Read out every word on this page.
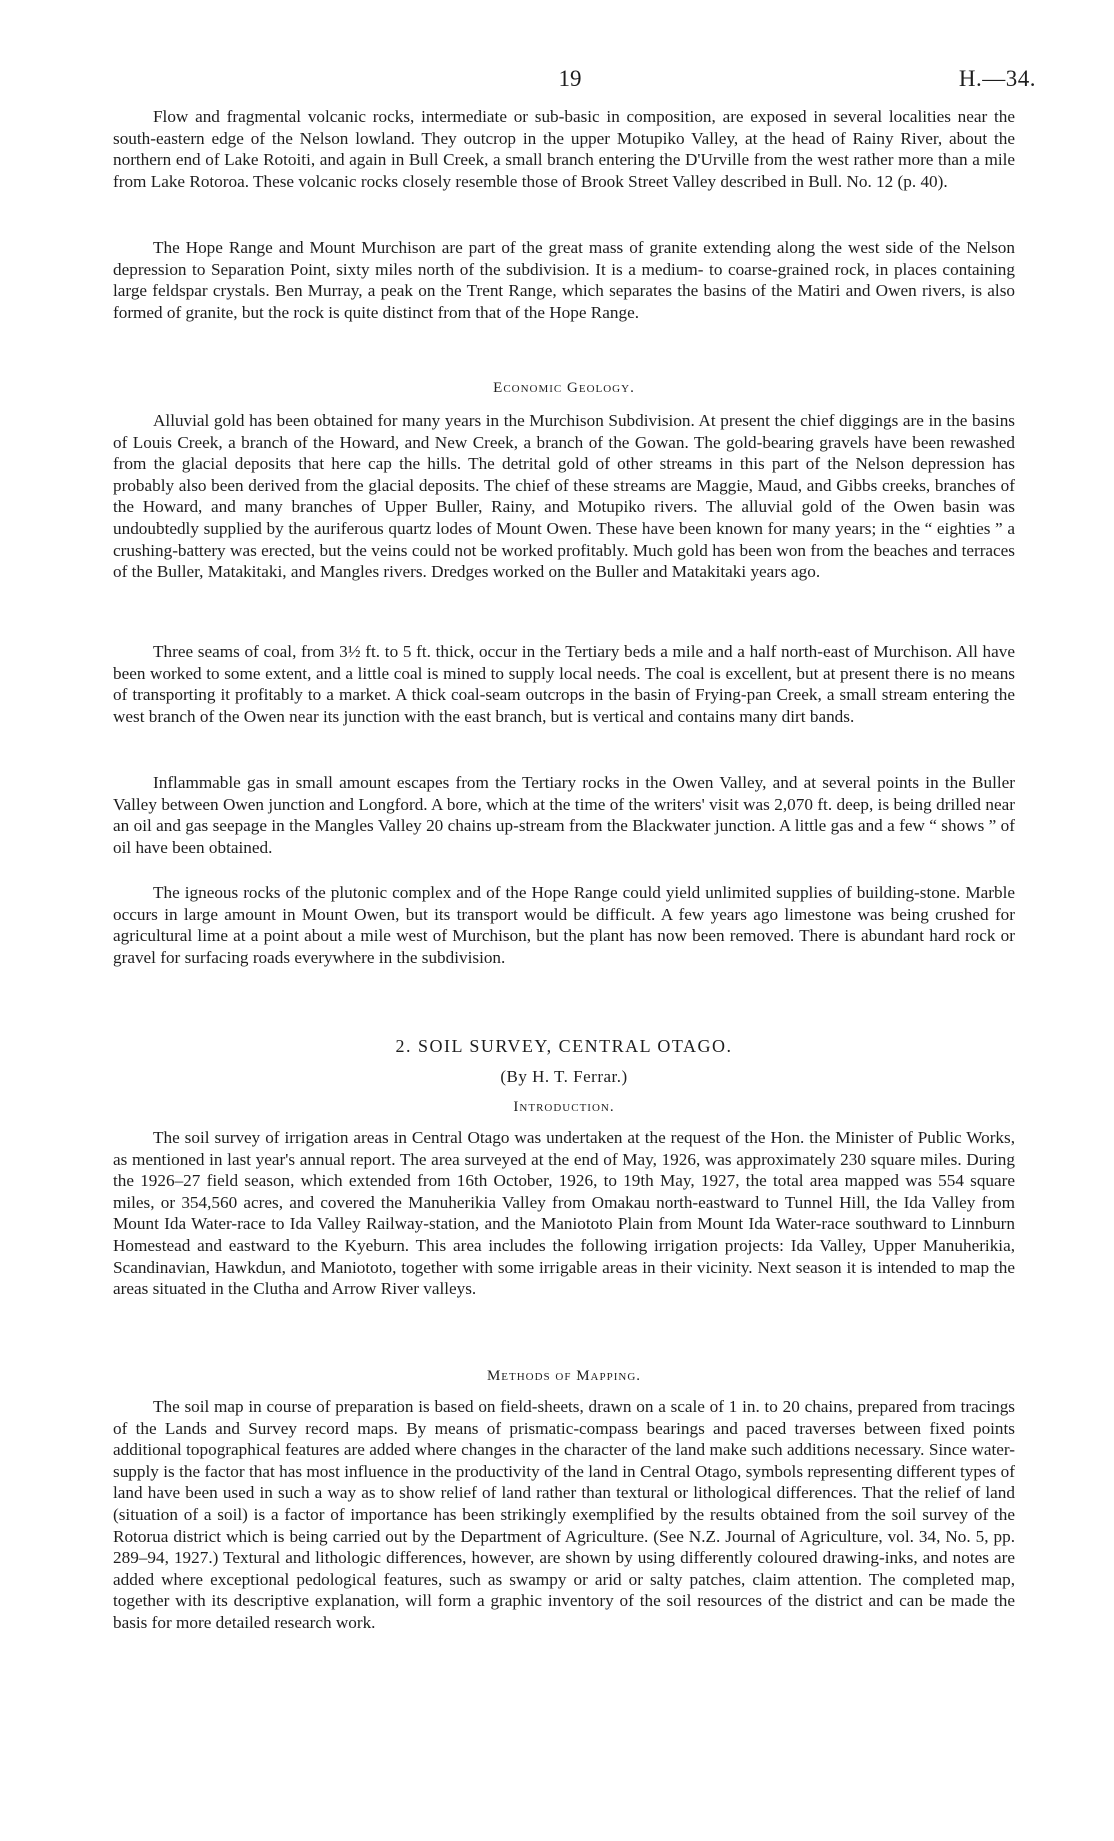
19	H.—34.

Flow and fragmental volcanic rocks, intermediate or sub-basic in composition, are exposed in several localities near the south-eastern edge of the Nelson lowland. They outcrop in the upper Motupiko Valley, at the head of Rainy River, about the northern end of Lake Rotoiti, and again in Bull Creek, a small branch entering the D'Urville from the west rather more than a mile from Lake Rotoroa. These volcanic rocks closely resemble those of Brook Street Valley described in Bull. No. 12 (p. 40).

The Hope Range and Mount Murchison are part of the great mass of granite extending along the west side of the Nelson depression to Separation Point, sixty miles north of the subdivision. It is a medium- to coarse-grained rock, in places containing large feldspar crystals. Ben Murray, a peak on the Trent Range, which separates the basins of the Matiri and Owen rivers, is also formed of granite, but the rock is quite distinct from that of the Hope Range.

Economic Geology.

Alluvial gold has been obtained for many years in the Murchison Subdivision. At present the chief diggings are in the basins of Louis Creek, a branch of the Howard, and New Creek, a branch of the Gowan. The gold-bearing gravels have been rewashed from the glacial deposits that here cap the hills. The detrital gold of other streams in this part of the Nelson depression has probably also been derived from the glacial deposits. The chief of these streams are Maggie, Maud, and Gibbs creeks, branches of the Howard, and many branches of Upper Buller, Rainy, and Motupiko rivers. The alluvial gold of the Owen basin was undoubtedly supplied by the auriferous quartz lodes of Mount Owen. These have been known for many years; in the “ eighties ” a crushing-battery was erected, but the veins could not be worked profitably. Much gold has been won from the beaches and terraces of the Buller, Matakitaki, and Mangles rivers. Dredges worked on the Buller and Matakitaki years ago.

Three seams of coal, from 3½ ft. to 5 ft. thick, occur in the Tertiary beds a mile and a half north-east of Murchison. All have been worked to some extent, and a little coal is mined to supply local needs. The coal is excellent, but at present there is no means of transporting it profitably to a market. A thick coal-seam outcrops in the basin of Frying-pan Creek, a small stream entering the west branch of the Owen near its junction with the east branch, but is vertical and contains many dirt bands.

Inflammable gas in small amount escapes from the Tertiary rocks in the Owen Valley, and at several points in the Buller Valley between Owen junction and Longford. A bore, which at the time of the writers' visit was 2,070 ft. deep, is being drilled near an oil and gas seepage in the Mangles Valley 20 chains up-stream from the Blackwater junction. A little gas and a few “ shows ” of oil have been obtained.

The igneous rocks of the plutonic complex and of the Hope Range could yield unlimited supplies of building-stone. Marble occurs in large amount in Mount Owen, but its transport would be difficult. A few years ago limestone was being crushed for agricultural lime at a point about a mile west of Murchison, but the plant has now been removed. There is abundant hard rock or gravel for surfacing roads everywhere in the subdivision.

2. SOIL SURVEY, CENTRAL OTAGO.

(By H. T. Ferrar.)

Introduction.

The soil survey of irrigation areas in Central Otago was undertaken at the request of the Hon. the Minister of Public Works, as mentioned in last year's annual report. The area surveyed at the end of May, 1926, was approximately 230 square miles. During the 1926–27 field season, which extended from 16th October, 1926, to 19th May, 1927, the total area mapped was 554 square miles, or 354,560 acres, and covered the Manuherikia Valley from Omakau north-eastward to Tunnel Hill, the Ida Valley from Mount Ida Water-race to Ida Valley Railway-station, and the Maniototo Plain from Mount Ida Water-race southward to Linnburn Homestead and eastward to the Kyeburn. This area includes the following irrigation projects: Ida Valley, Upper Manuherikia, Scandinavian, Hawkdun, and Maniototo, together with some irrigable areas in their vicinity. Next season it is intended to map the areas situated in the Clutha and Arrow River valleys.

Methods of Mapping.

The soil map in course of preparation is based on field-sheets, drawn on a scale of 1 in. to 20 chains, prepared from tracings of the Lands and Survey record maps. By means of prismatic-compass bearings and paced traverses between fixed points additional topographical features are added where changes in the character of the land make such additions necessary. Since water-supply is the factor that has most influence in the productivity of the land in Central Otago, symbols representing different types of land have been used in such a way as to show relief of land rather than textural or lithological differences. That the relief of land (situation of a soil) is a factor of importance has been strikingly exemplified by the results obtained from the soil survey of the Rotorua district which is being carried out by the Department of Agriculture. (See N.Z. Journal of Agriculture, vol. 34, No. 5, pp. 289–94, 1927.) Textural and lithologic differences, however, are shown by using differently coloured drawing-inks, and notes are added where exceptional pedological features, such as swampy or arid or salty patches, claim attention. The completed map, together with its descriptive explanation, will form a graphic inventory of the soil resources of the district and can be made the basis for more detailed research work.
